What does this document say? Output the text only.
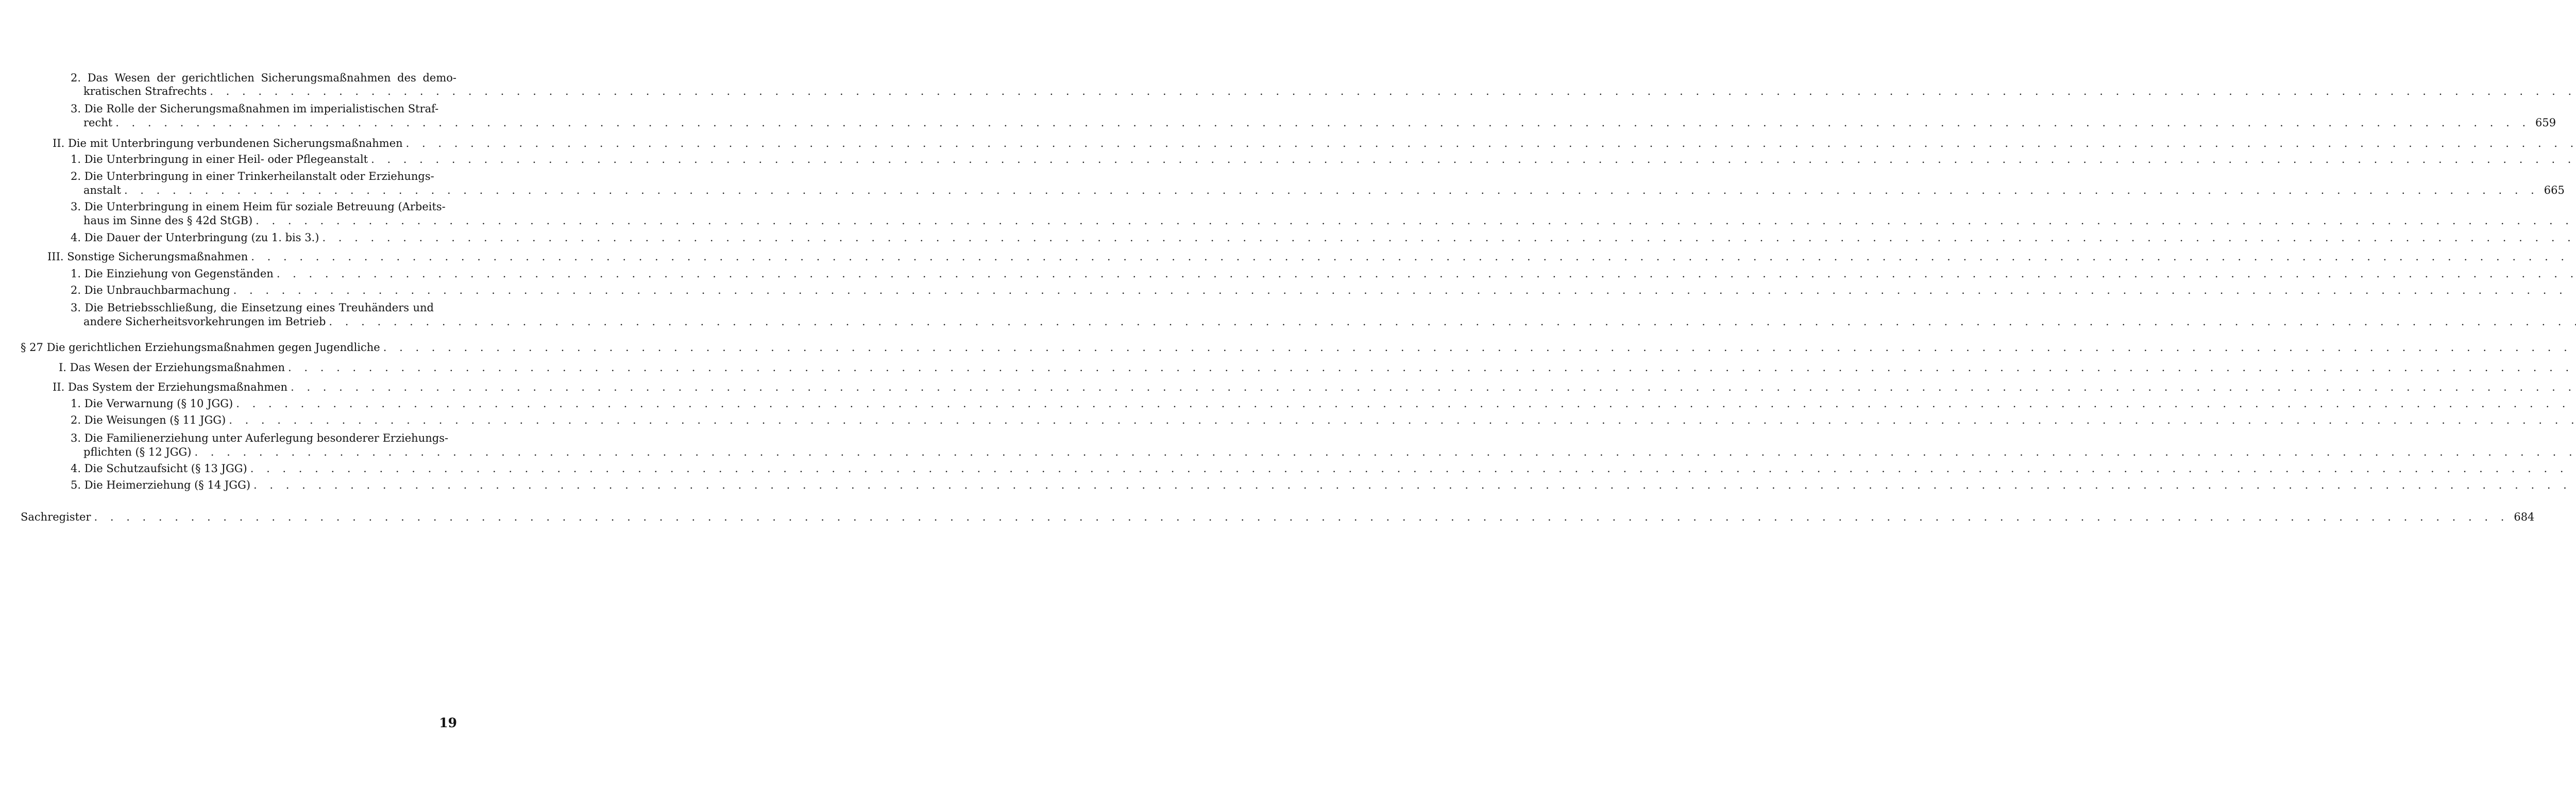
2. Das Wesen der gerichtlichen Sicherungsmaßnahmen des demo-
kratischen Strafrechts
. . .
3. Die Rolle der Sicherungsmaßnahmen im imperialistischen Straf-
recht . . .	659
II. Die mit Unterbringung verbundenen Sicherungsmaßnahmen
. . .
1. Die Unterbringung in einer Heil- oder Pflegeanstalt
. . .
2. Die Unterbringung in einer Trinkerheilanstalt oder Erziehungs-
anstalt . . .	665
3. Die Unterbringung in einem Heim für soziale Betreuung (Arbeits-
haus im Sinne des § 42d StGB)
. . .
4. Die Dauer der Unterbringung (zu 1. bis 3.)
. . .
III. Sonstige Sicherungsmaßnahmen
. . .
1. Die Einziehung von Gegenständen
. . .
2. Die Unbrauchbarmachung
. . .
3. Die Betriebsschließung, die Einsetzung eines Treuhänders und
andere Sicherheitsvorkehrungen im Betrieb
. . .
§ 27 Die gerichtlichen Erziehungsmaßnahmen gegen Jugendliche
. . .
I. Das Wesen der Erziehungsmaßnahmen
. . .
II. Das System der Erziehungsmaßnahmen
. . .
1. Die Verwarnung (§ 10 JGG)
. . .
2. Die Weisungen (§ 11 JGG)
. . .
3. Die Familienerziehung unter Auferlegung besonderer Erziehungs-
pflichten (§ 12 JGG)
. . .
4. Die Schutzaufsicht (§ 13 JGG)
. . .
5. Die Heimerziehung (§ 14 JGG)
. . .
Sachregister . . .	684
19
